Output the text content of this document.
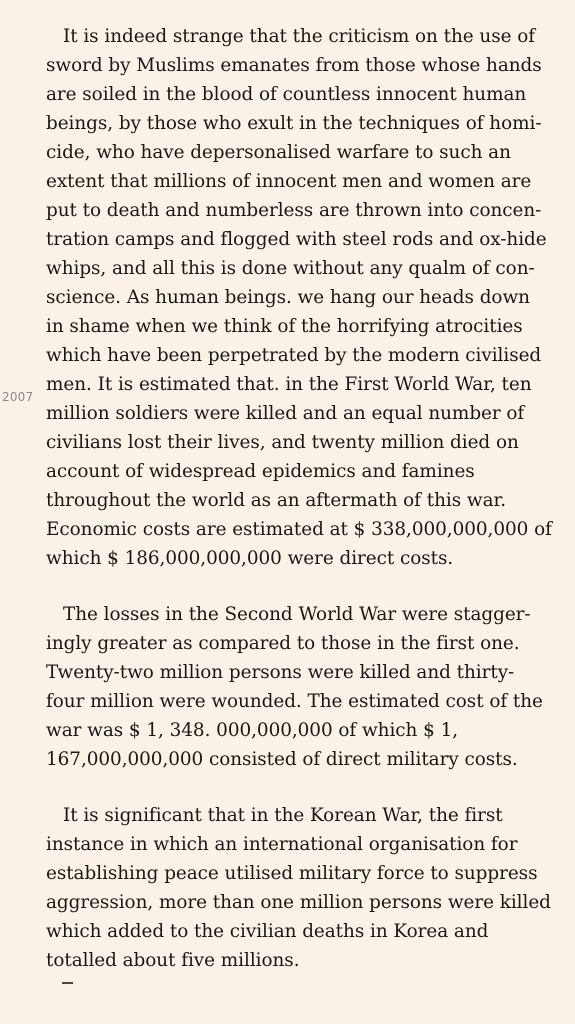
2007

It is indeed strange that the criticism on the use of
sword by Muslims emanates from those whose hands
are soiled in the blood of countless innocent human
beings, by those who exult in the techniques of homi-
cide, who have depersonalised warfare to such an
extent that millions of innocent men and women are
put to death and numberless are thrown into concen-
tration camps and flogged with steel rods and ox-hide
whips, and all this is done without any qualm of con-
science. As human beings. we hang our heads down
in shame when we think of the horrifying atrocities
which have been perpetrated by the modern civilised
men. It is estimated that. in the First World War, ten
million soldiers were killed and an equal number of
civilians lost their lives, and twenty million died on
account of widespread epidemics and famines
throughout the world as an aftermath of this war.
Economic costs are estimated at $ 338,000,000,000 of
which $ 186,000,000,000 were direct costs.

The losses in the Second World War were stagger-
ingly greater as compared to those in the first one.
Twenty-two million persons were killed and thirty-
four million were wounded. The estimated cost of the
war was $ 1, 348. 000,000,000 of which $ 1,
167,000,000,000 consisted of direct military costs.

It is significant that in the Korean War, the first
instance in which an international organisation for
establishing peace utilised military force to suppress
aggression, more than one million persons were killed
which added to the civilian deaths in Korea and
totalled about five millions.
